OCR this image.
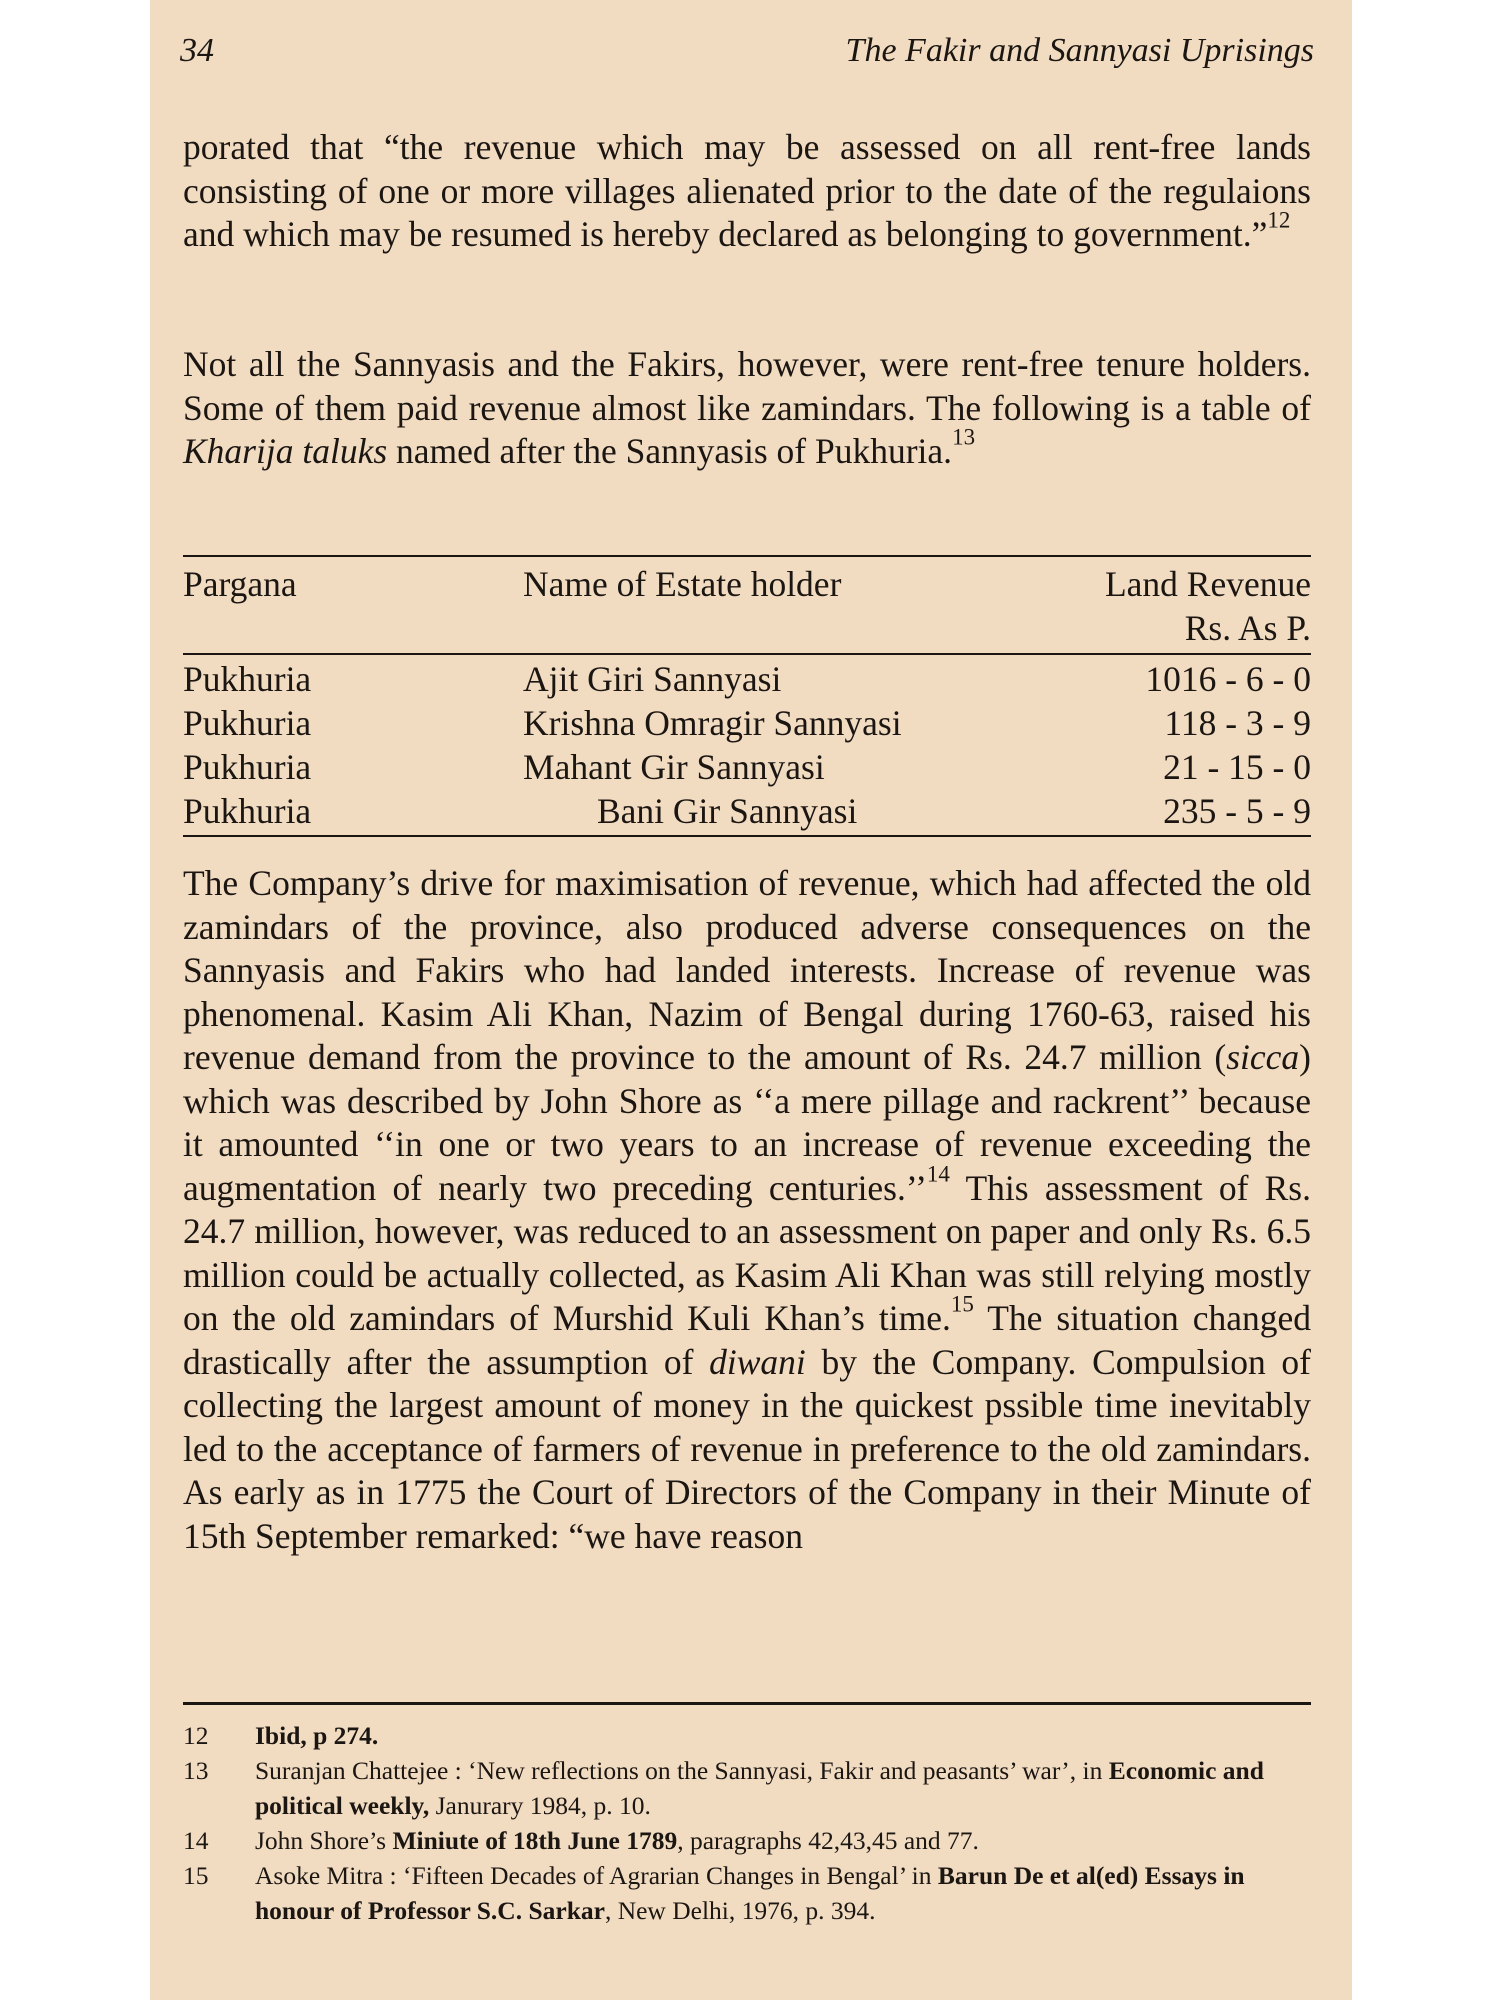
34	The Fakir and Sannyasi Uprisings

porated that “the revenue which may be assessed on all rent-free lands consisting of one or more villages alienated prior to the date of the regulaions and which may be resumed is hereby declared as belonging to government.”$^{12}$

Not all the Sannyasis and the Fakirs, however, were rent-free tenure holders. Some of them paid revenue almost like zamindars. The following is a table of Kharija taluks named after the Sannyasis of Pukhuria.$^{13}$

Pargana	Name of Estate holder	Land Revenue
Rs. As P.
Pukhuria	Ajit Giri Sannyasi	1016 - 6 - 0
Pukhuria	Krishna Omragir Sannyasi	118 - 3 - 9
Pukhuria	Mahant Gir Sannyasi	21 - 15 - 0
Pukhuria	Bani Gir Sannyasi	235 - 5 - 9

The Company’s drive for maximisation of revenue, which had affected the old zamindars of the province, also produced adverse consequences on the Sannyasis and Fakirs who had landed interests. Increase of revenue was phenomenal. Kasim Ali Khan, Nazim of Bengal during 1760-63, raised his revenue demand from the province to the amount of Rs. 24.7 million (sicca) which was described by John Shore as ‘‘a mere pillage and rackrent’’ because it amounted ‘‘in one or two years to an increase of revenue exceeding the augmentation of nearly two preceding centuries.’’$^{14}$ This assessment of Rs. 24.7 million, however, was reduced to an assessment on paper and only Rs. 6.5 million could be actually collected, as Kasim Ali Khan was still relying mostly on the old zamindars of Murshid Kuli Khan’s time.$^{15}$ The situation changed drastically after the assumption of diwani by the Company. Compulsion of collecting the largest amount of money in the quickest pssible time inevitably led to the acceptance of farmers of revenue in preference to the old zamindars. As early as in 1775 the Court of Directors of the Company in their Minute of 15th September remarked: “we have reason

12 Ibid, p 274.
13 Suranjan Chattejee : ‘New reflections on the Sannyasi, Fakir and peasants’ war’, in Economic and political weekly, Janurary 1984, p. 10.
14 John Shore’s Miniute of 18th June 1789, paragraphs 42,43,45 and 77.
15 Asoke Mitra : ‘Fifteen Decades of Agrarian Changes in Bengal’ in Barun De et al(ed) Essays in honour of Professor S.C. Sarkar, New Delhi, 1976, p. 394.
